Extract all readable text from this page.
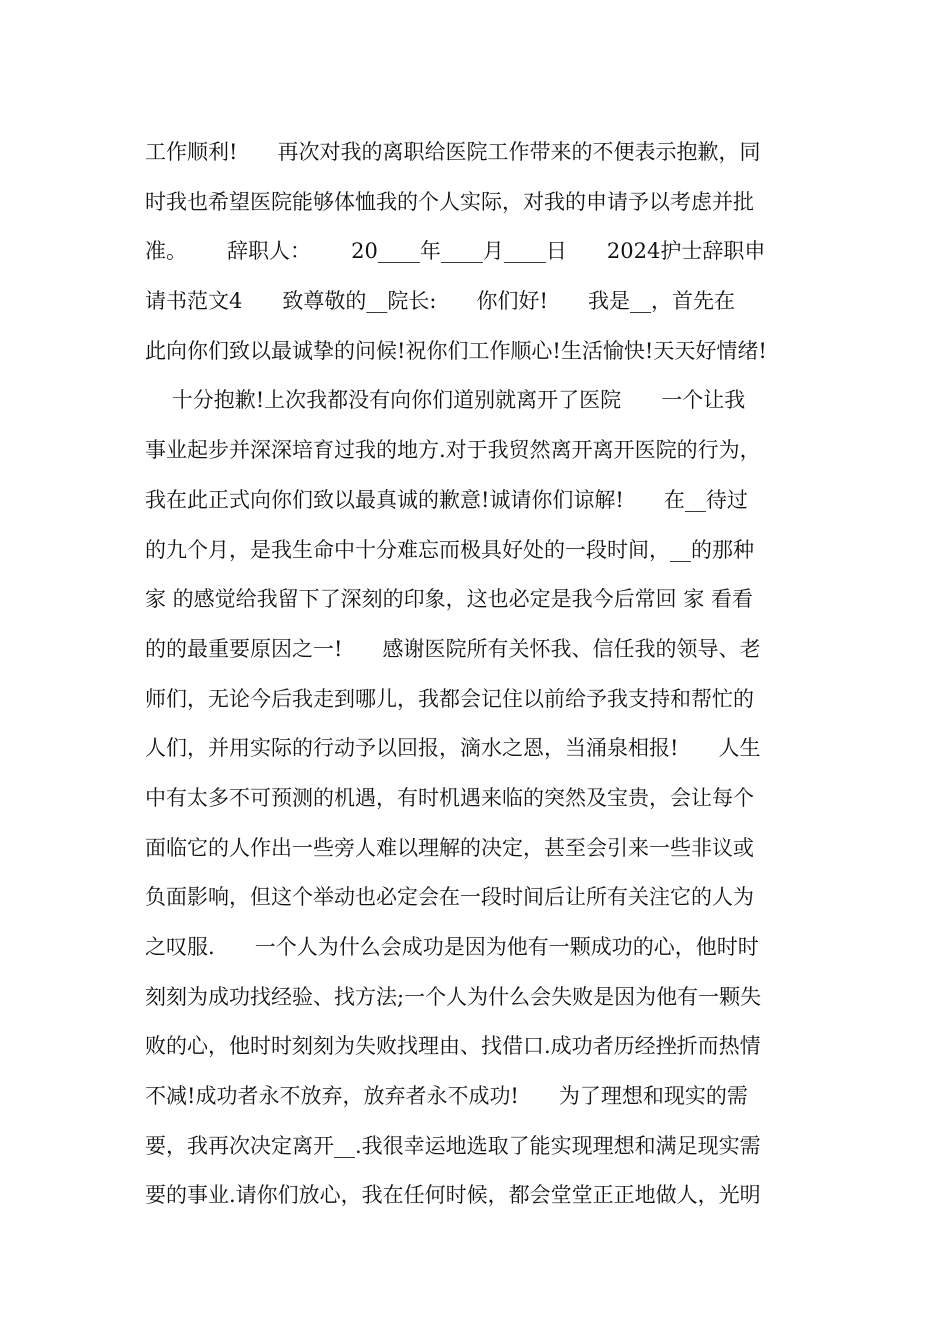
工作顺利!      再次对我的离职给医院工作带来的不便表示抱歉，同
时我也希望医院能够体恤我的个人实际，对我的申请予以考虑并批
准。      辞职人：      20____年____月____日      2024护士辞职申
请书范文4      致尊敬的__院长:      你们好!      我是__，首先在
此向你们致以最诚挚的问候!祝你们工作顺心!生活愉快!天天好情绪!
十分抱歉!上次我都没有向你们道别就离开了医院      一个让我
事业起步并深深培育过我的地方.对于我贸然离开离开医院的行为，
我在此正式向你们致以最真诚的歉意!诚请你们谅解!      在__待过
的九个月，是我生命中十分难忘而极具好处的一段时间，__的那种
家 的感觉给我留下了深刻的印象，这也必定是我今后常回 家 看看
的的最重要原因之一!      感谢医院所有关怀我、信任我的领导、老
师们，无论今后我走到哪儿，我都会记住以前给予我支持和帮忙的
人们，并用实际的行动予以回报，滴水之恩，当涌泉相报!      人生
中有太多不可预测的机遇，有时机遇来临的突然及宝贵，会让每个
面临它的人作出一些旁人难以理解的决定，甚至会引来一些非议或
负面影响，但这个举动也必定会在一段时间后让所有关注它的人为
之叹服.      一个人为什么会成功是因为他有一颗成功的心，他时时
刻刻为成功找经验、找方法;一个人为什么会失败是因为他有一颗失
败的心，他时时刻刻为失败找理由、找借口.成功者历经挫折而热情
不减!成功者永不放弃，放弃者永不成功!      为了理想和现实的需
要，我再次决定离开__.我很幸运地选取了能实现理想和满足现实需
要的事业.请你们放心，我在任何时候，都会堂堂正正地做人，光明
